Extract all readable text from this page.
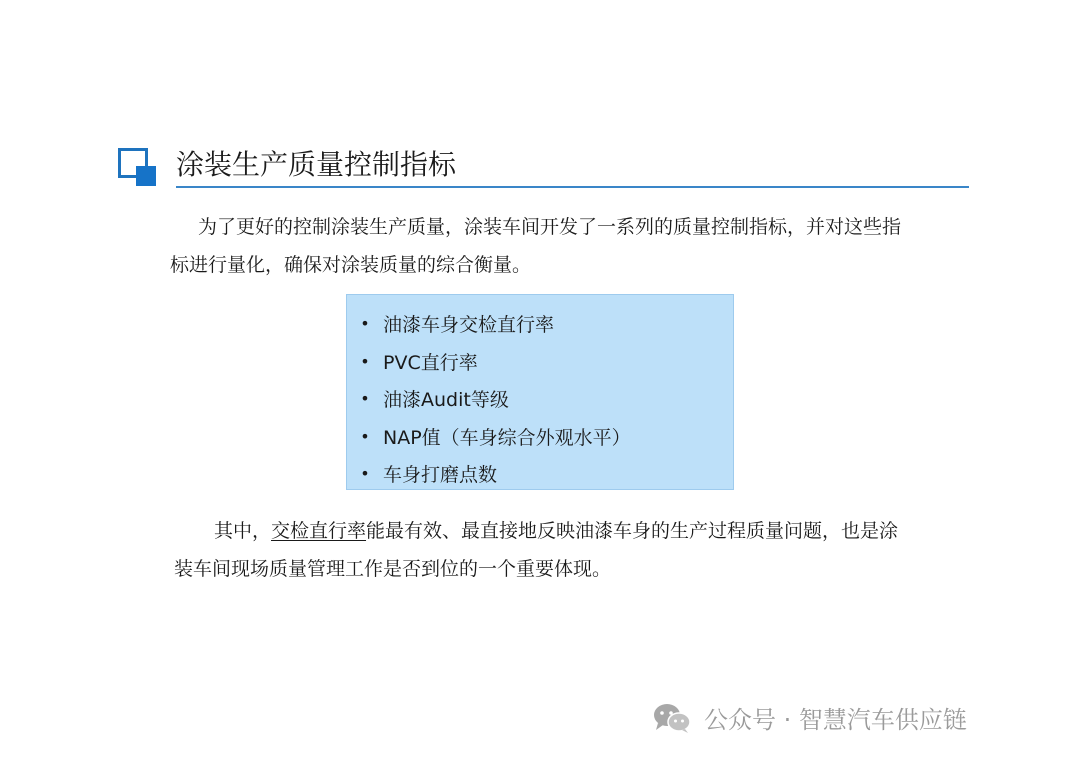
涂装生产质量控制指标
为了更好的控制涂装生产质量，涂装车间开发了一系列的质量控制指标，并对这些指
标进行量化，确保对涂装质量的综合衡量。
• 油漆车身交检直行率
• PVC直行率
• 油漆Audit等级
• NAP值（车身综合外观水平）
• 车身打磨点数
其中，交检直行率能最有效、最直接地反映油漆车身的生产过程质量问题，也是涂
装车间现场质量管理工作是否到位的一个重要体现。
公众号 · 智慧汽车供应链
